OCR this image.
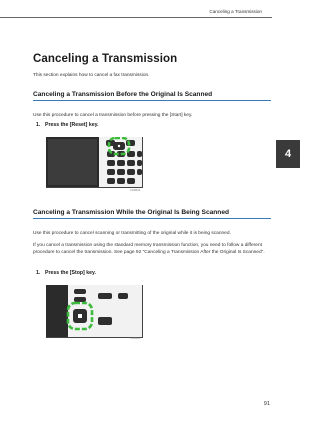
Canceling a Transmission
4
Canceling a Transmission

This section explains how to cancel a fax transmission.

Canceling a Transmission Before the Original Is Scanned

Use this procedure to cancel a transmission before pressing the [Start] key.

1. Press the [Reset] key.

CUM423
Canceling a Transmission While the Original Is Being Scanned

Use this procedure to cancel scanning or transmitting of the original while it is being scanned.

If you cancel a transmission using the standard memory transmission function, you need to follow a different procedure to cancel the transmission. See page 92 "Canceling a Transmission After the Original Is Scanned".

1. Press the [Stop] key.

CUM424
91
